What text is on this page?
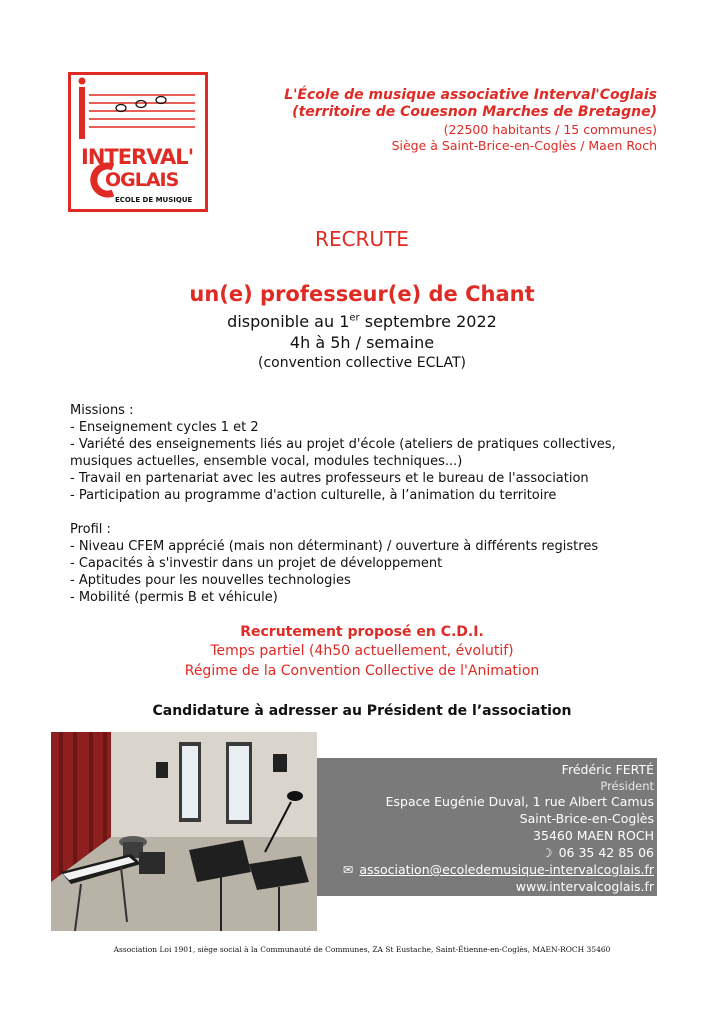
INTERVAL'
OGLAIS
ECOLE DE MUSIQUE
L'École de musique associative Interval'Coglais
(territoire de Couesnon Marches de Bretagne)
(22500 habitants / 15 communes)
Siège à Saint-Brice-en-Coglès / Maen Roch
RECRUTE
un(e) professeur(e) de Chant
disponible au 1er septembre 2022
4h à 5h / semaine
(convention collective ECLAT)
Missions :
- Enseignement cycles 1 et 2
- Variété des enseignements liés au projet d'école (ateliers de pratiques collectives,
musiques actuelles, ensemble vocal, modules techniques...)
- Travail en partenariat avec les autres professeurs et le bureau de l'association
- Participation au programme d'action culturelle, à l’animation du territoire
Profil :
- Niveau CFEM apprécié (mais non déterminant) / ouverture à différents registres
- Capacités à s'investir dans un projet de développement
- Aptitudes pour les nouvelles technologies
- Mobilité (permis B et véhicule)
Recrutement proposé en C.D.I.
Temps partiel (4h50 actuellement, évolutif)
Régime de la Convention Collective de l'Animation
Candidature à adresser au Président de l’association
Frédéric FERTÉ
Président
Espace Eugénie Duval, 1 rue Albert Camus
Saint-Brice-en-Coglès
35460 MAEN ROCH
☽ 06 35 42 85 06
✉ association@ecoledemusique-intervalcoglais.fr
www.intervalcoglais.fr
Association Loi 1901, siège social à la Communauté de Communes, ZA St Eustache, Saint-Étienne-en-Coglès, MAEN-ROCH 35460
